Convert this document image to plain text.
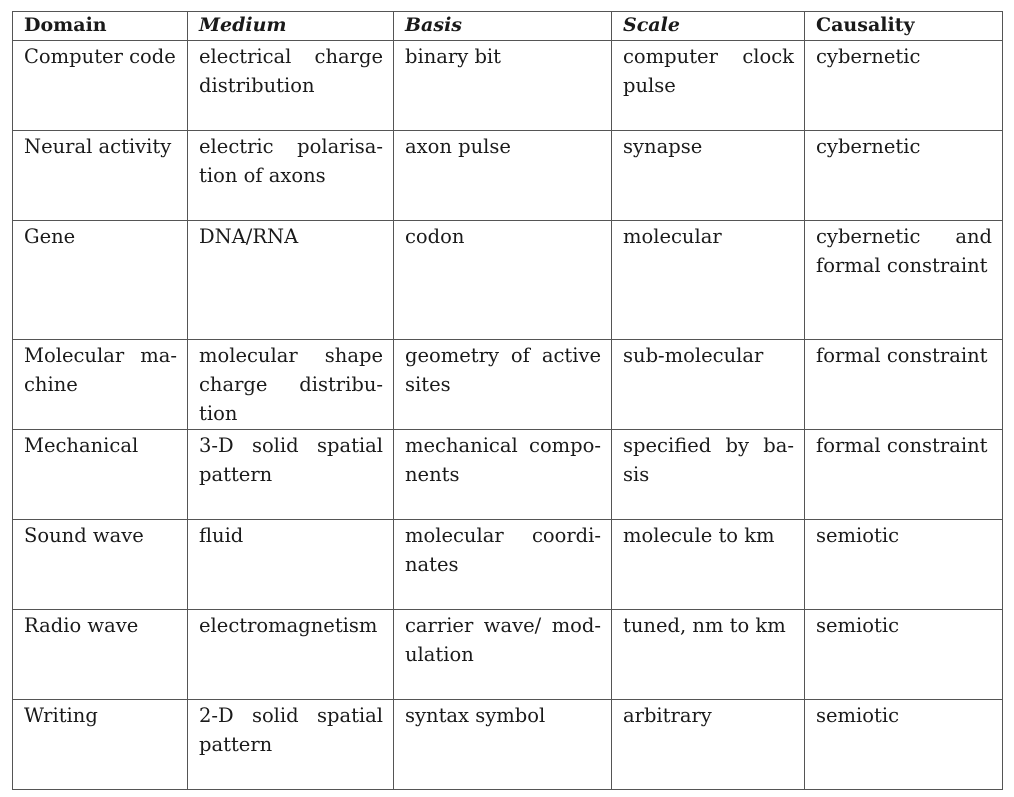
Domain	Medium	Basis	Scale	Causality
Computer code	electrical charge distribution	binary bit	computer clock pulse	cybernetic
Neural activity	electric polarisation of axons	axon pulse	synapse	cybernetic
Gene	DNA/RNA	codon	molecular	cybernetic and formal constraint
Molecular machine	molecular shape charge distribution	geometry of active sites	sub-molecular	formal constraint
Mechanical	3-D solid spatial pattern	mechanical components	specified by basis	formal constraint
Sound wave	fluid	molecular coordinates	molecule to km	semiotic
Radio wave	electromagnetism	carrier wave/ modulation	tuned, nm to km	semiotic
Writing	2-D solid spatial pattern	syntax symbol	arbitrary	semiotic
